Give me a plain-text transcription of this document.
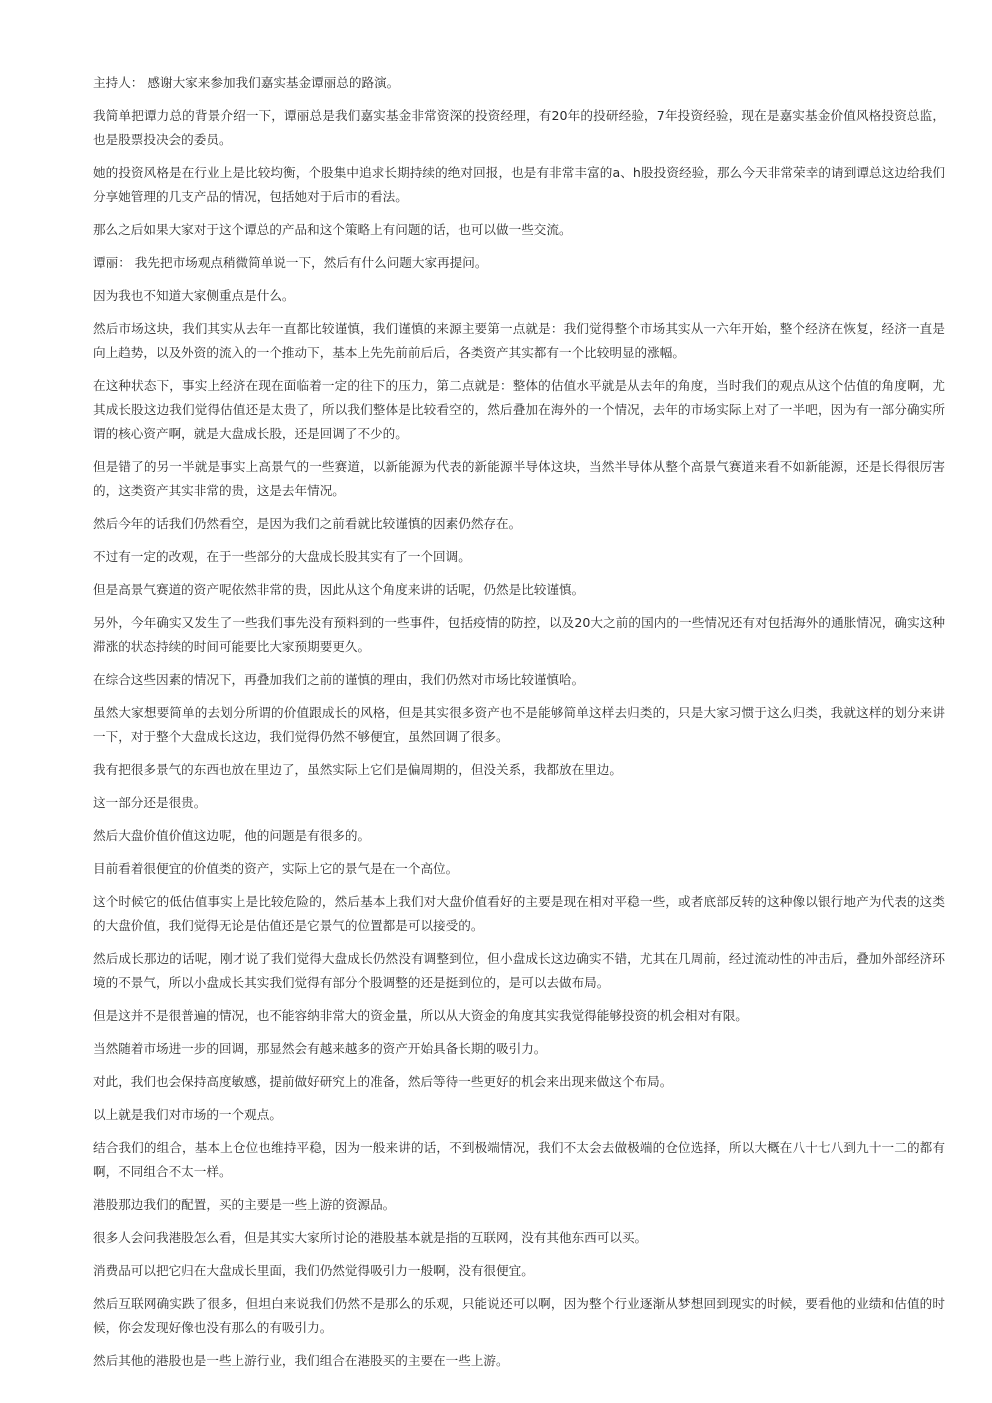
主持人： 感谢大家来参加我们嘉实基金谭丽总的路演。

我简单把谭力总的背景介绍一下，谭丽总是我们嘉实基金非常资深的投资经理，有20年的投研经验，7年投资经验，现在是嘉实基金价值风格投资总监，也是股票投决会的委员。

她的投资风格是在行业上是比较均衡，个股集中追求长期持续的绝对回报，也是有非常丰富的a、h股投资经验，那么今天非常荣幸的请到谭总这边给我们分享她管理的几支产品的情况，包括她对于后市的看法。

那么之后如果大家对于这个谭总的产品和这个策略上有问题的话，也可以做一些交流。

谭丽： 我先把市场观点稍微简单说一下，然后有什么问题大家再提问。

因为我也不知道大家侧重点是什么。

然后市场这块，我们其实从去年一直都比较谨慎，我们谨慎的来源主要第一点就是：我们觉得整个市场其实从一六年开始，整个经济在恢复，经济一直是向上趋势，以及外资的流入的一个推动下，基本上先先前前后后，各类资产其实都有一个比较明显的涨幅。

在这种状态下，事实上经济在现在面临着一定的往下的压力，第二点就是：整体的估值水平就是从去年的角度，当时我们的观点从这个估值的角度啊，尤其成长股这边我们觉得估值还是太贵了，所以我们整体是比较看空的，然后叠加在海外的一个情况，去年的市场实际上对了一半吧，因为有一部分确实所谓的核心资产啊，就是大盘成长股，还是回调了不少的。

但是错了的另一半就是事实上高景气的一些赛道，以新能源为代表的新能源半导体这块，当然半导体从整个高景气赛道来看不如新能源，还是长得很厉害的，这类资产其实非常的贵，这是去年情况。

然后今年的话我们仍然看空，是因为我们之前看就比较谨慎的因素仍然存在。

不过有一定的改观，在于一些部分的大盘成长股其实有了一个回调。

但是高景气赛道的资产呢依然非常的贵，因此从这个角度来讲的话呢，仍然是比较谨慎。

另外，今年确实又发生了一些我们事先没有预料到的一些事件，包括疫情的防控，以及20大之前的国内的一些情况还有对包括海外的通胀情况，确实这种滞涨的状态持续的时间可能要比大家预期要更久。

在综合这些因素的情况下，再叠加我们之前的谨慎的理由，我们仍然对市场比较谨慎哈。

虽然大家想要简单的去划分所谓的价值跟成长的风格，但是其实很多资产也不是能够简单这样去归类的，只是大家习惯于这么归类，我就这样的划分来讲一下，对于整个大盘成长这边，我们觉得仍然不够便宜，虽然回调了很多。

我有把很多景气的东西也放在里边了，虽然实际上它们是偏周期的，但没关系，我都放在里边。

这一部分还是很贵。

然后大盘价值价值这边呢，他的问题是有很多的。

目前看着很便宜的价值类的资产，实际上它的景气是在一个高位。

这个时候它的低估值事实上是比较危险的，然后基本上我们对大盘价值看好的主要是现在相对平稳一些，或者底部反转的这种像以银行地产为代表的这类的大盘价值，我们觉得无论是估值还是它景气的位置都是可以接受的。

然后成长那边的话呢，刚才说了我们觉得大盘成长仍然没有调整到位，但小盘成长这边确实不错，尤其在几周前，经过流动性的冲击后，叠加外部经济环境的不景气，所以小盘成长其实我们觉得有部分个股调整的还是挺到位的，是可以去做布局。

但是这并不是很普遍的情况，也不能容纳非常大的资金量，所以从大资金的角度其实我觉得能够投资的机会相对有限。

当然随着市场进一步的回调，那显然会有越来越多的资产开始具备长期的吸引力。

对此，我们也会保持高度敏感，提前做好研究上的准备，然后等待一些更好的机会来出现来做这个布局。

以上就是我们对市场的一个观点。

结合我们的组合，基本上仓位也维持平稳，因为一般来讲的话，不到极端情况，我们不太会去做极端的仓位选择，所以大概在八十七八到九十一二的都有啊，不同组合不太一样。

港股那边我们的配置，买的主要是一些上游的资源品。

很多人会问我港股怎么看，但是其实大家所讨论的港股基本就是指的互联网，没有其他东西可以买。

消费品可以把它归在大盘成长里面，我们仍然觉得吸引力一般啊，没有很便宜。

然后互联网确实跌了很多，但坦白来说我们仍然不是那么的乐观，只能说还可以啊，因为整个行业逐渐从梦想回到现实的时候，要看他的业绩和估值的时候，你会发现好像也没有那么的有吸引力。

然后其他的港股也是一些上游行业，我们组合在港股买的主要在一些上游。
